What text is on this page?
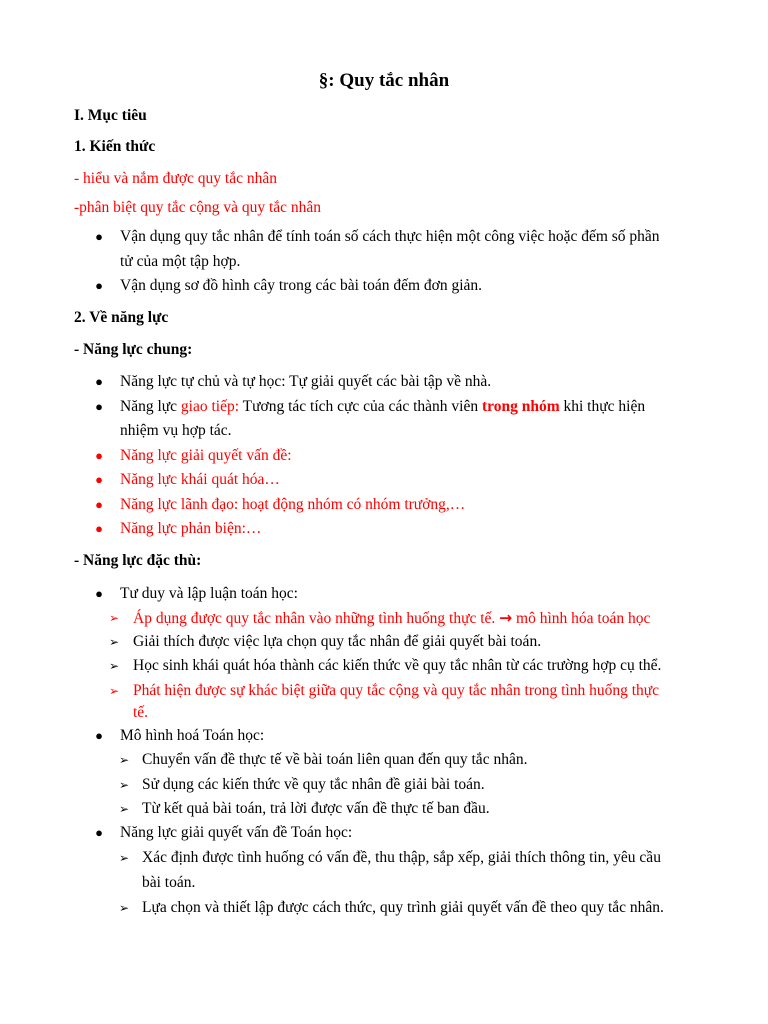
§: Quy tắc nhân
I. Mục tiêu
1. Kiến thức
- hiểu và nắm được quy tắc nhân
-phân biệt quy tắc cộng và quy tắc nhân
● Vận dụng quy tắc nhân để tính toán số cách thực hiện một công việc hoặc đếm số phần
tử của một tập hợp.
● Vận dụng sơ đồ hình cây trong các bài toán đếm đơn giản.
2. Về năng lực
- Năng lực chung:
● Năng lực tự chủ và tự học: Tự giải quyết các bài tập về nhà.
● Năng lực giao tiếp: Tương tác tích cực của các thành viên trong nhóm khi thực hiện
nhiệm vụ hợp tác.
● Năng lực giải quyết vấn đề:
● Năng lực khái quát hóa…
● Năng lực lãnh đạo: hoạt động nhóm có nhóm trưởng,…
● Năng lực phản biện:…
- Năng lực đặc thù:
● Tư duy và lập luận toán học:
➢ Áp dụng được quy tắc nhân vào những tình huống thực tế. → mô hình hóa toán học
➢ Giải thích được việc lựa chọn quy tắc nhân để giải quyết bài toán.
➢ Học sinh khái quát hóa thành các kiến thức về quy tắc nhân từ các trường hợp cụ thể.
➢ Phát hiện được sự khác biệt giữa quy tắc cộng và quy tắc nhân trong tình huống thực
tế.
● Mô hình hoá Toán học:
➢ Chuyển vấn đề thực tế về bài toán liên quan đến quy tắc nhân.
➢ Sử dụng các kiến thức về quy tắc nhân đề giải bài toán.
➢ Từ kết quả bài toán, trả lời được vấn đề thực tế ban đầu.
● Năng lực giải quyết vấn đề Toán học:
➢ Xác định được tình huống có vấn đề, thu thập, sắp xếp, giải thích thông tin, yêu cầu
bài toán.
➢ Lựa chọn và thiết lập được cách thức, quy trình giải quyết vấn đề theo quy tắc nhân.
